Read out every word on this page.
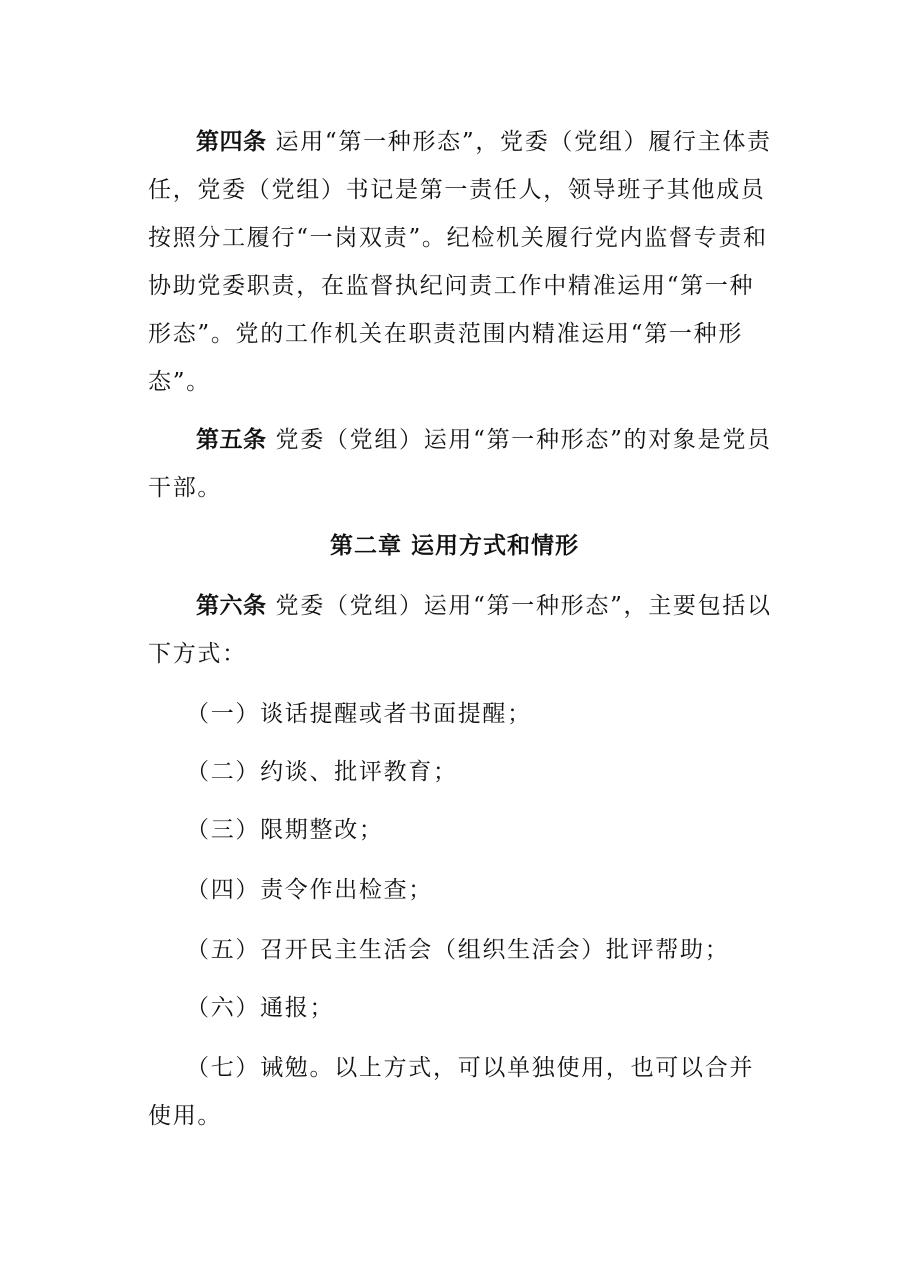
第四条 运用“第一种形态”，党委（党组）履行主体责任，党委（党组）书记是第一责任人，领导班子其他成员按照分工履行“一岗双责”。纪检机关履行党内监督专责和协助党委职责，在监督执纪问责工作中精准运用“第一种形态”。党的工作机关在职责范围内精准运用“第一种形态”。
第五条 党委（党组）运用“第一种形态”的对象是党员干部。
第二章 运用方式和情形
第六条 党委（党组）运用“第一种形态”，主要包括以下方式：
（一）谈话提醒或者书面提醒；
（二）约谈、批评教育；
（三）限期整改；
（四）责令作出检查；
（五）召开民主生活会（组织生活会）批评帮助；
（六）通报；
（七）诫勉。以上方式，可以单独使用，也可以合并使用。
